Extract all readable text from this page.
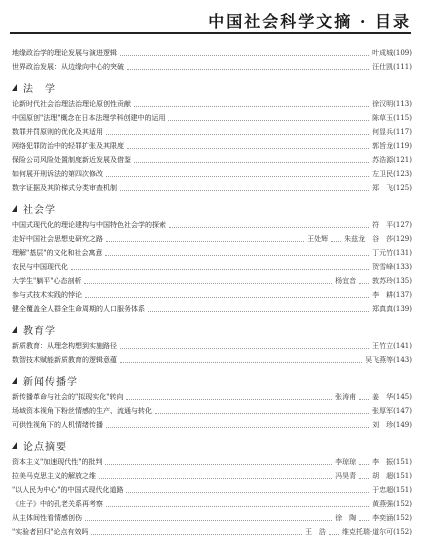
中国社会科学文摘 · 目录
地缘政治学的理论发展与演进逻辑	叶成城 (109)
世界政治发展：从边缘向中心的突破	汪仕凯 (111)
法　学
论新时代社会治理法治理论原创性贡献	徐汉明 (113)
中国原创"法理"概念在日本法理学科创建中的运用	陈草玉 (115)
数罪并罚原则的优化及其适用	何显兵 (117)
网络犯罪防治中的轻罪扩张及其限度	郭旨龙 (119)
保险公司风险处置制度新近发展及借鉴	苏浩源 (121)
如何展开刑诉法的第四次修改	左卫民 (123)
数字证据及其阶梯式分类审查机制	郑　飞 (125)
社会学
中国式现代化的理论建构与中国特色社会学的探索	符　平 (127)
走好中国社会思想史研究之路	王处辉 朱兹龙　谷　莎 (129)
理解"基层"的文化和社会寓意	丁元竹 (131)
农民与中国现代化	贺雪峰 (133)
大学生"躺平"心态剖析	杨宜音 敦苏玲 (135)
参与式技术实践的悖论	李　耕 (137)
健全覆盖全人群全生命周期的人口服务体系	郑真真 (139)
教育学
新质教育：从理念构想到实施路径	王竹立 (141)
数智技术赋能新质教育的逻辑意蕴	吴飞燕等 (143)
新闻传播学
新传播革命与社会的"拟现实化"转向	张涛甫 姜　华 (145)
场域资本视角下粉丝情感的生产、流通与转化	张厚军 (147)
可供性视角下的人机情绪传播	刘　珍 (149)
论点摘要
资本主义"加速现代性"的批判	李琼琼 李　振 (151)
拉美马克思主义的解放之维	冯昊青 胡　超 (151)
"以人民为中心"的中国式现代化道路	于忠超 (151)
《庄子》中的孔老关系再考察	黄燕强 (152)
从主体间性看情感创伤	徐　陶 李奕涵 (152)
"实验者回归"论点有效吗	王　浩 维克托瑞·道尔可 (152)
